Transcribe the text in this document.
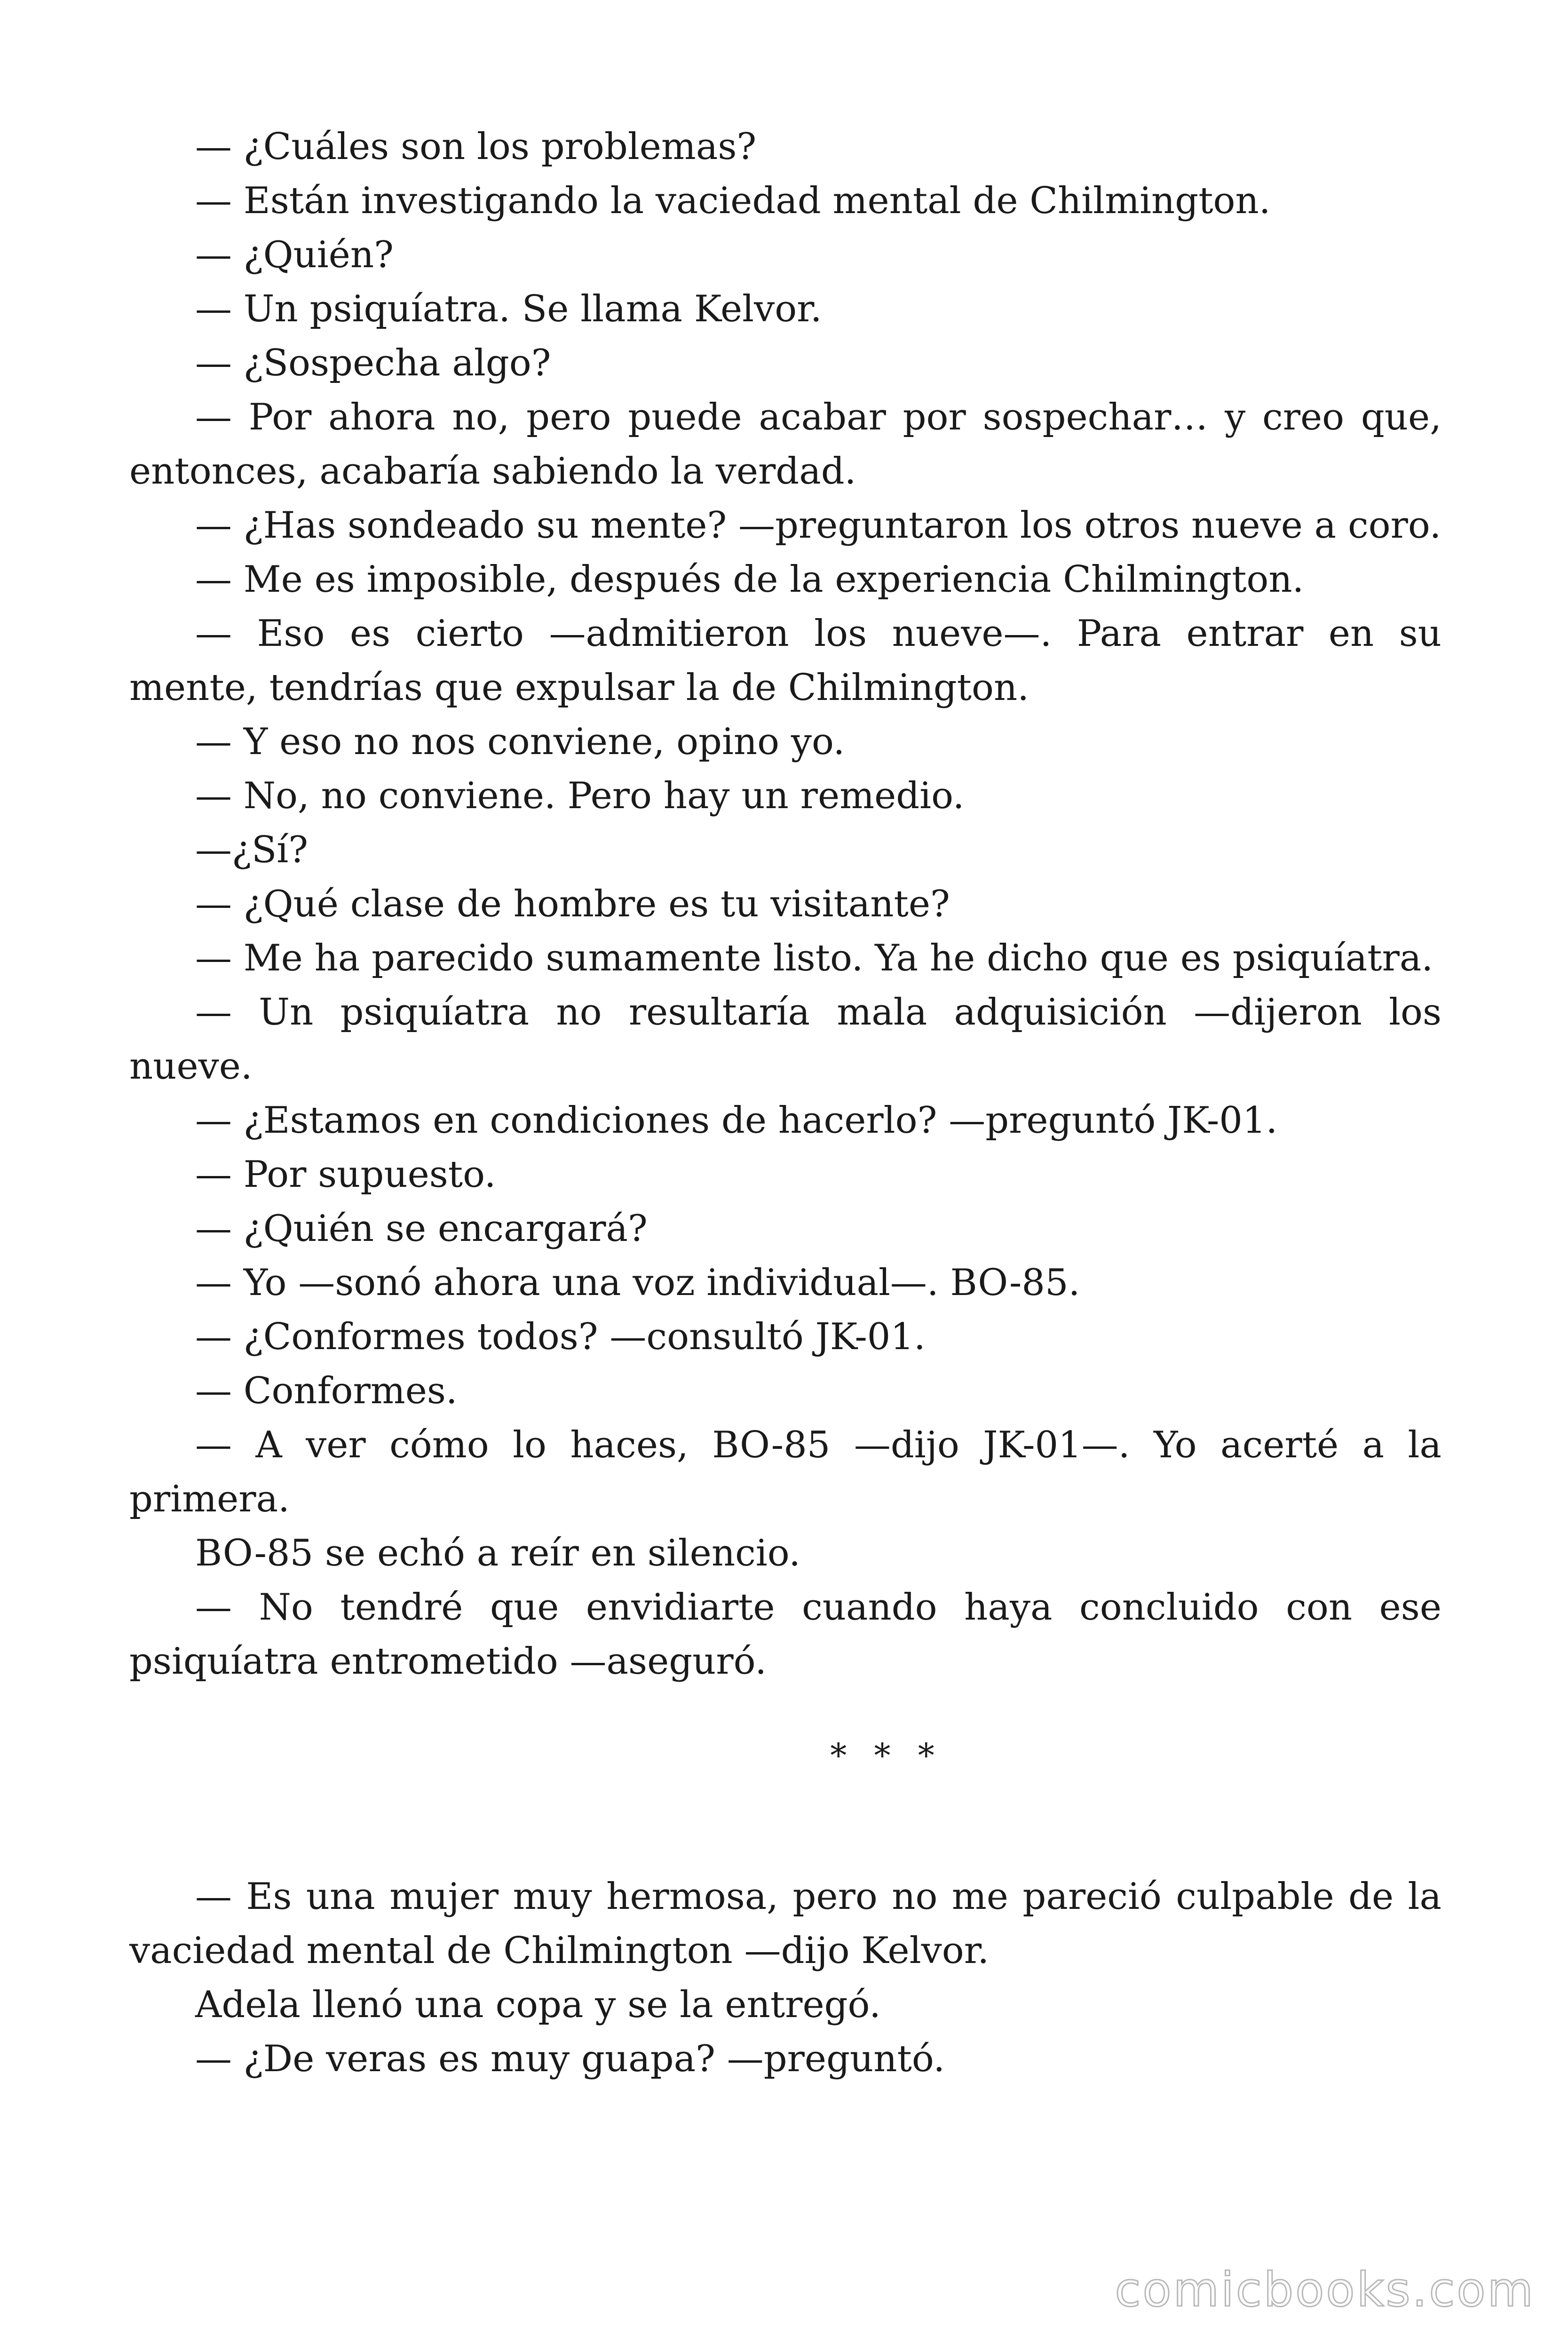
— ¿Cuáles son los problemas?

— Están investigando la vaciedad mental de Chilmington.

— ¿Quién?

— Un psiquíatra. Se llama Kelvor.

— ¿Sospecha algo?

— Por ahora no, pero puede acabar por sospechar… y creo que, entonces, acabaría sabiendo la verdad.

— ¿Has sondeado su mente? —preguntaron los otros nueve a coro.

— Me es imposible, después de la experiencia Chilmington.

— Eso es cierto —admitieron los nueve—. Para entrar en su mente, tendrías que expulsar la de Chilmington.

— Y eso no nos conviene, opino yo.

— No, no conviene. Pero hay un remedio.

—¿Sí?

— ¿Qué clase de hombre es tu visitante?

— Me ha parecido sumamente listo. Ya he dicho que es psiquíatra.

— Un psiquíatra no resultaría mala adquisición —dijeron los nueve.

— ¿Estamos en condiciones de hacerlo? —preguntó JK-01.

— Por supuesto.

— ¿Quién se encargará?

— Yo —sonó ahora una voz individual—. BO-85.

— ¿Conformes todos? —consultó JK-01.

— Conformes.

— A ver cómo lo haces, BO-85 —dijo JK-01—. Yo acerté a la primera.

BO-85 se echó a reír en silencio.

— No tendré que envidiarte cuando haya concluido con ese psiquíatra entrometido —aseguró.

* * *

— Es una mujer muy hermosa, pero no me pareció culpable de la vaciedad mental de Chilmington —dijo Kelvor.

Adela llenó una copa y se la entregó.

— ¿De veras es muy guapa? —preguntó.

comicbooks.com
